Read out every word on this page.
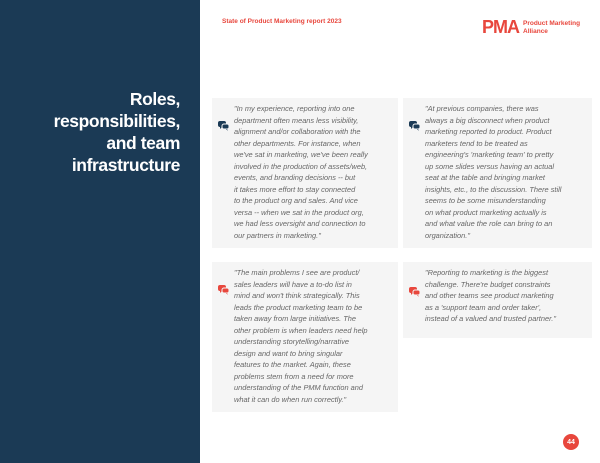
Roles,
responsibilities,
and team
infrastructure
State of Product Marketing report 2023	PMA Product Marketing
Alliance
"In my experience, reporting into one
department often means less visibility,
alignment and/or collaboration with the
other departments. For instance, when
we've sat in marketing, we've been really
involved in the production of assets/web,
events, and branding decisions -- but
it takes more effort to stay connected
to the product org and sales. And vice
versa -- when we sat in the product org,
we had less oversight and connection to
our partners in marketing."
"At previous companies, there was
always a big disconnect when product
marketing reported to product. Product
marketers tend to be treated as
engineering's 'marketing team' to pretty
up some slides versus having an actual
seat at the table and bringing market
insights, etc., to the discussion. There still
seems to be some misunderstanding
on what product marketing actually is
and what value the role can bring to an
organization."
"The main problems I see are product/
sales leaders will have a to-do list in
mind and won't think strategically. This
leads the product marketing team to be
taken away from large initiatives. The
other problem is when leaders need help
understanding storytelling/narrative
design and want to bring singular
features to the market. Again, these
problems stem from a need for more
understanding of the PMM function and
what it can do when run correctly."
"Reporting to marketing is the biggest
challenge. There're budget constraints
and other teams see product marketing
as a 'support team and order taker',
instead of a valued and trusted partner."
44
